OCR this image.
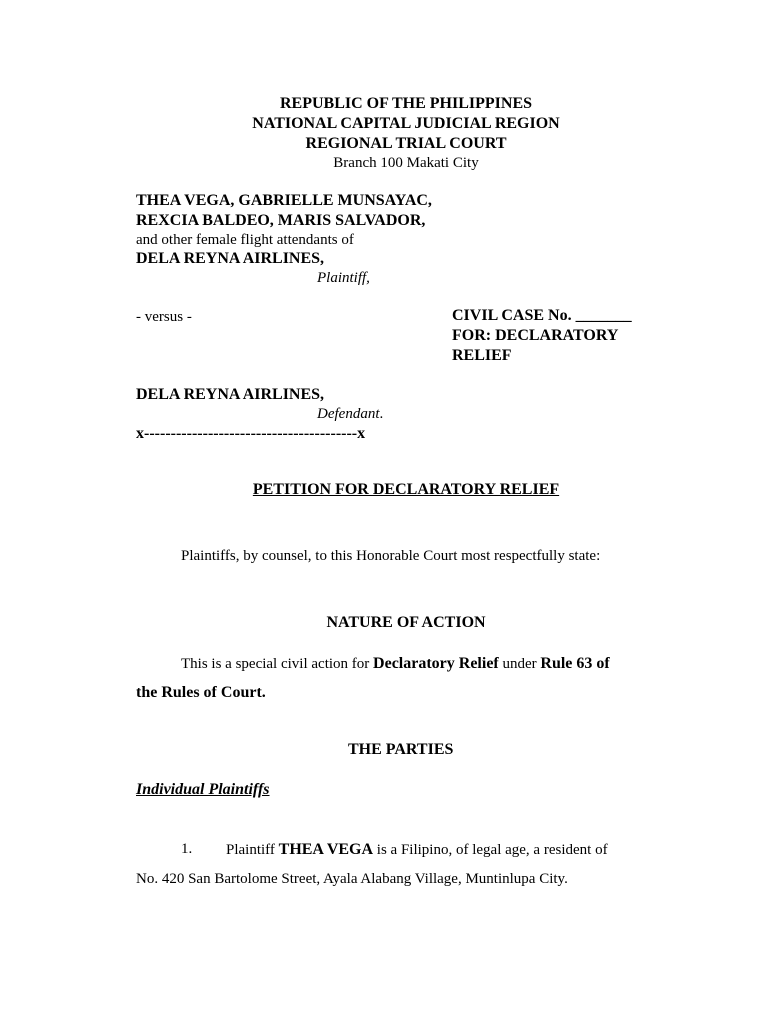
REPUBLIC OF THE PHILIPPINES
NATIONAL CAPITAL JUDICIAL REGION
REGIONAL TRIAL COURT
Branch 100 Makati City
THEA VEGA, GABRIELLE MUNSAYAC,
REXCIA BALDEO, MARIS SALVADOR,
and other female flight attendants of
DELA REYNA AIRLINES,
Plaintiff,
- versus -	CIVIL CASE No. _______
FOR: DECLARATORY
RELIEF
DELA REYNA AIRLINES,
Defendant.
x----------------------------------------x
PETITION FOR DECLARATORY RELIEF
Plaintiffs, by counsel, to this Honorable Court most respectfully state:
NATURE OF ACTION
This is a special civil action for Declaratory Relief under Rule 63 of
the Rules of Court.
THE PARTIES
Individual Plaintiffs
1. Plaintiff THEA VEGA is a Filipino, of legal age, a resident of
No. 420 San Bartolome Street, Ayala Alabang Village, Muntinlupa City.
